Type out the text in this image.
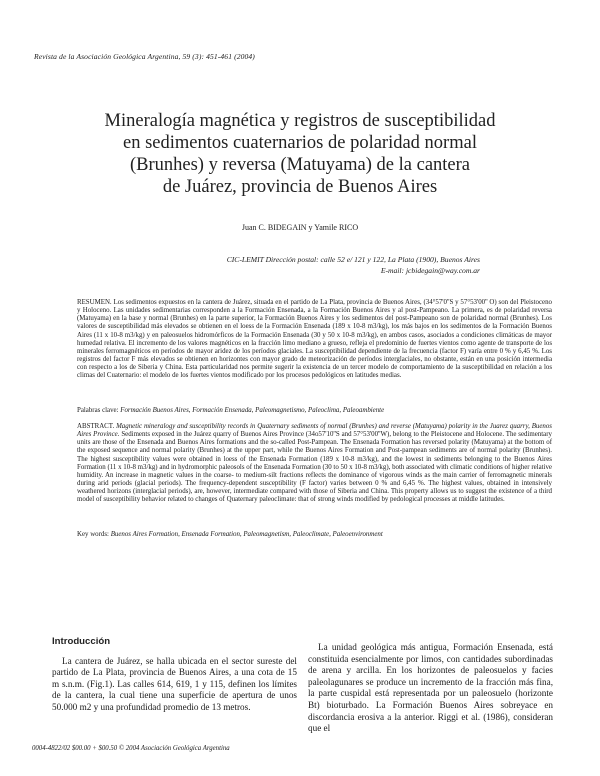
Revista de la Asociación Geológica Argentina, 59 (3): 451-461 (2004)
Mineralogía magnética y registros de susceptibilidad
en sedimentos cuaternarios de polaridad normal
(Brunhes) y reversa (Matuyama) de la cantera
de Juárez, provincia de Buenos Aires
Juan C. BIDEGAIN y Yamile RICO
CIC-LEMIT Dirección postal: calle 52 e/ 121 y 122, La Plata (1900), Buenos Aires
E-mail: jcbidegain@way.com.ar
RESUMEN. Los sedimentos expuestos en la cantera de Juárez, situada en el partido de La Plata, provincia de Buenos Aires, (34°57'0''S y 57°53'00'' O) son del Pleistoceno y Holoceno. Las unidades sedimentarias corresponden a la Formación Ensenada, a la Formación Buenos Aires y al post-Pampeano. La primera, es de polaridad reversa (Matuyama) en la base y normal (Brunhes) en la parte superior, la Formación Buenos Aires y los sedimentos del post-Pampeano son de polaridad normal (Brunhes). Los valores de susceptibilidad más elevados se obtienen en el loess de la Formación Ensenada (189 x 10-8 m3/kg), los más bajos en los sedimentos de la Formación Buenos Aires (11 x 10-8 m3/kg) y en paleosuelos hidromórficos de la Formación Ensenada (30 y 50 x 10-8 m3/kg), en ambos casos, asociados a condiciones climáticas de mayor humedad relativa. El incremento de los valores magnéticos en la fracción limo mediano a grueso, refleja el predominio de fuertes vientos como agente de transporte de los minerales ferromagnéticos en períodos de mayor aridez de los períodos glaciales. La susceptibilidad dependiente de la frecuencia (factor F) varía entre 0 % y 6,45 %. Los registros del factor F más elevados se obtienen en horizontes con mayor grado de meteorización de períodos interglaciales, no obstante, están en una posición intermedia con respecto a los de Siberia y China. Esta particularidad nos permite sugerir la existencia de un tercer modelo de comportamiento de la susceptibilidad en relación a los climas del Cuaternario: el modelo de los fuertes vientos modificado por los procesos pedológicos en latitudes medias.
Palabras clave: Formación Buenos Aires, Formación Ensenada, Paleomagnetismo, Paleoclima, Paleoambiente
ABSTRACT. Magnetic mineralogy and susceptibility records in Quaternary sediments of normal (Brunhes) and reverse (Matuyama) polarity in the Juarez quarry, Buenos Aires Province. Sediments exposed in the Juárez quarry of Buenos Aires Province (34o57'10''S and 57°53'00''W), belong to the Pleistocene and Holocene. The sedimentary units are those of the Ensenada and Buenos Aires formations and the so-called Post-Pampean. The Ensenada Formation has reversed polarity (Matuyama) at the bottom of the exposed sequence and normal polarity (Brunhes) at the upper part, while the Buenos Aires Formation and Post-pampean sediments are of normal polarity (Brunhes). The highest susceptibility values were obtained in loess of the Ensenada Formation (189 x 10-8 m3/kg), and the lowest in sediments belonging to the Buenos Aires Formation (11 x 10-8 m3/kg) and in hydromorphic paleosols of the Ensenada Formation (30 to 50 x 10-8 m3/kg), both associated with climatic conditions of higher relative humidity. An increase in magnetic values in the coarse- to medium-silt fractions reflects the dominance of vigorous winds as the main carrier of ferromagnetic minerals during arid periods (glacial periods). The frequency-dependent susceptibility (F factor) varies between 0 % and 6,45 %. The highest values, obtained in intensively weathered horizons (interglacial periods), are, however, intermediate compared with those of Siberia and China. This property allows us to suggest the existence of a third model of susceptibility behavior related to changes of Quaternary paleoclimate: that of strong winds modified by pedological processes at middle latitudes.
Key words: Buenos Aires Formation, Ensenada Formation, Paleomagnetism, Paleoclimate, Paleoenvironment
Introducción

La cantera de Juárez, se halla ubicada en el sector sureste del partido de La Plata, provincia de Buenos Aires, a una cota de 15 m s.n.m. (Fig.1). Las calles 614, 619, 1 y 115, definen los límites de la cantera, la cual tiene una superficie de apertura de unos 50.000 m2 y una profundidad promedio de 13 metros.

La unidad geológica más antigua, Formación Ensenada, está constituida esencialmente por limos, con cantidades subordinadas de arena y arcilla. En los horizontes de paleosuelos y facies paleolagunares se produce un incremento de la fracción más fina, la parte cuspidal está representada por un paleosuelo (horizonte Bt) bioturbado. La Formación Buenos Aires sobreyace en discordancia erosiva a la anterior. Riggi et al. (1986), consideran que el

0004-4822/02 $00.00 + $00.50 © 2004 Asociación Geológica Argentina
